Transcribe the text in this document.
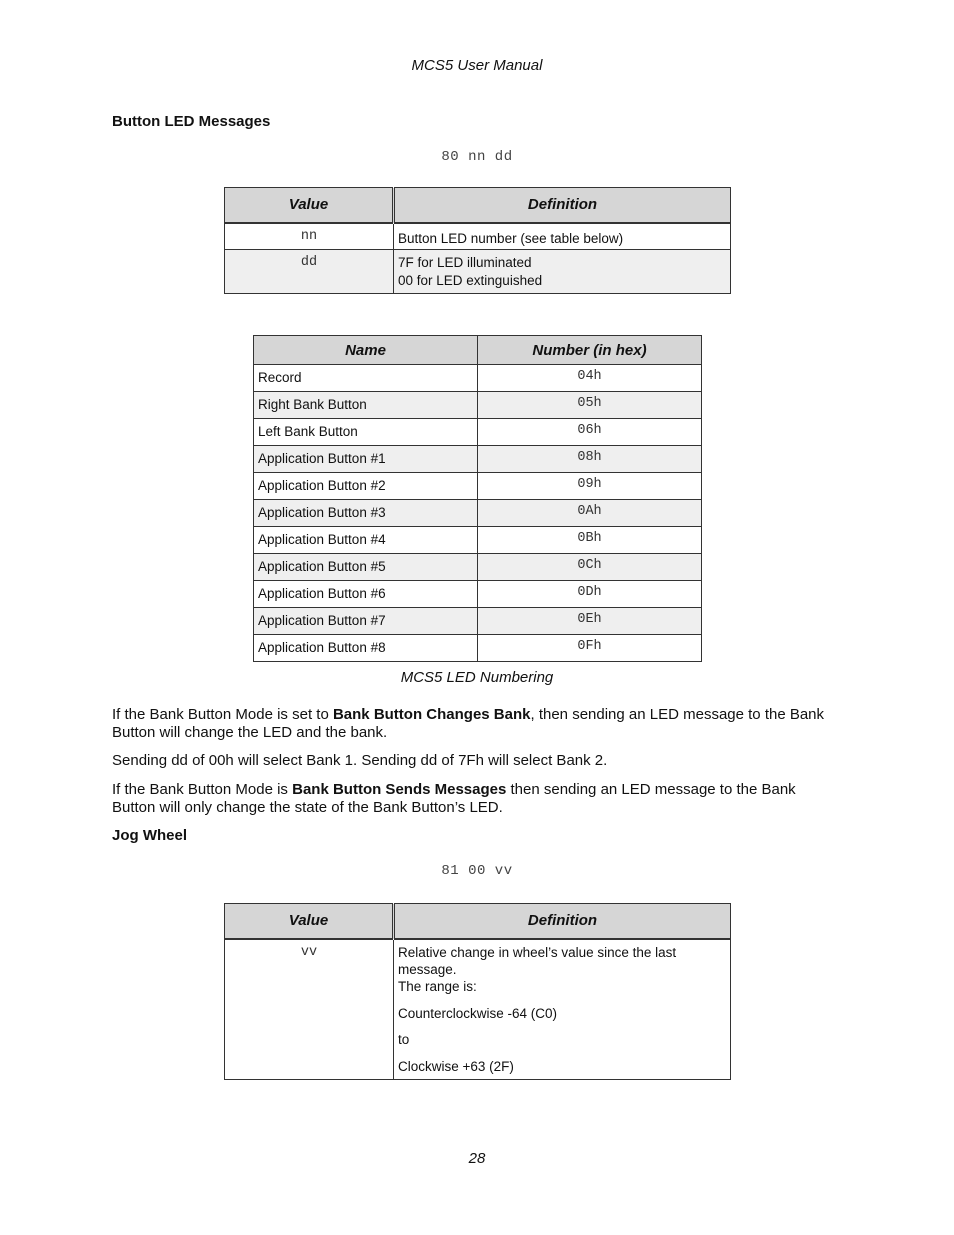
MCS5 User Manual
Button LED Messages
80 nn dd
Value	Definition
nn	Button LED number (see table below)

dd	7F for LED illuminated
00 for LED extinguished
Name	Number (in hex)
Record	04h
Right Bank Button	05h
Left Bank Button	06h
Application Button #1	08h
Application Button #2	09h
Application Button #3	0Ah
Application Button #4	0Bh
Application Button #5	0Ch
Application Button #6	0Dh
Application Button #7	0Eh
Application Button #8	0Fh
MCS5 LED Numbering
If the Bank Button Mode is set to Bank Button Changes Bank, then sending an LED message to the Bank Button will change the LED and the bank.
Sending dd of 00h will select Bank 1. Sending dd of 7Fh will select Bank 2.
If the Bank Button Mode is Bank Button Sends Messages then sending an LED message to the Bank Button will only change the state of the Bank Button’s LED.
Jog Wheel
81 00 vv
Value	Definition
vv	Relative change in wheel’s value since the last message.
The range is:
Counterclockwise -64 (C0)
to
Clockwise +63 (2F)
28
